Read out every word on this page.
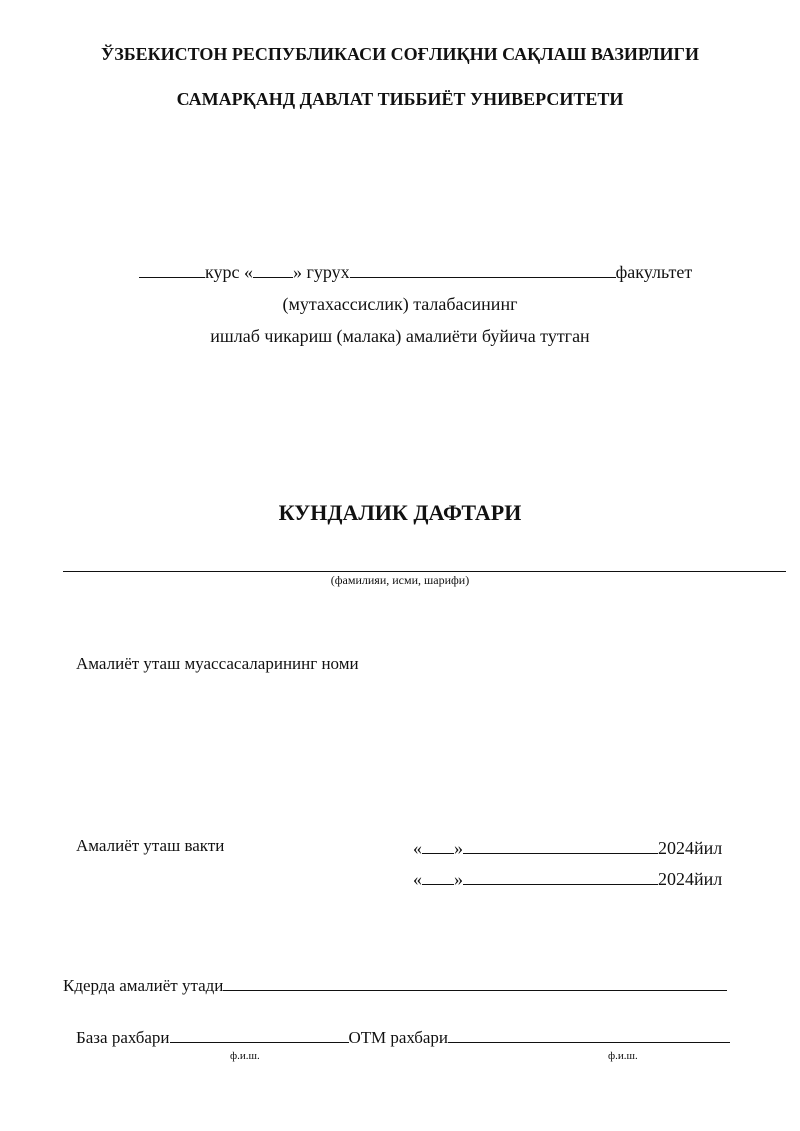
ЎЗБЕКИСТОН РЕСПУБЛИКАСИ СОҒЛИҚНИ САҚЛАШ ВАЗИРЛИГИ
САМАРҚАНД ДАВЛАТ ТИББИЁТ УНИВЕРСИТЕТИ
курс « » гурух	факультет
(мутахассислик) талабасининг
ишлаб чикариш (малака) амалиёти буйича тутган
КУНДАЛИК ДАФТАРИ
(фамилияи, исми, шарифи)
Амалиёт уташ муассасаларининг номи
Амалиёт уташ вакти	« »	2024йил
« »	2024йил
Кдерда амалиёт утади
База рахбари	ОТМ рахбари
ф.и.ш.	ф.и.ш.
